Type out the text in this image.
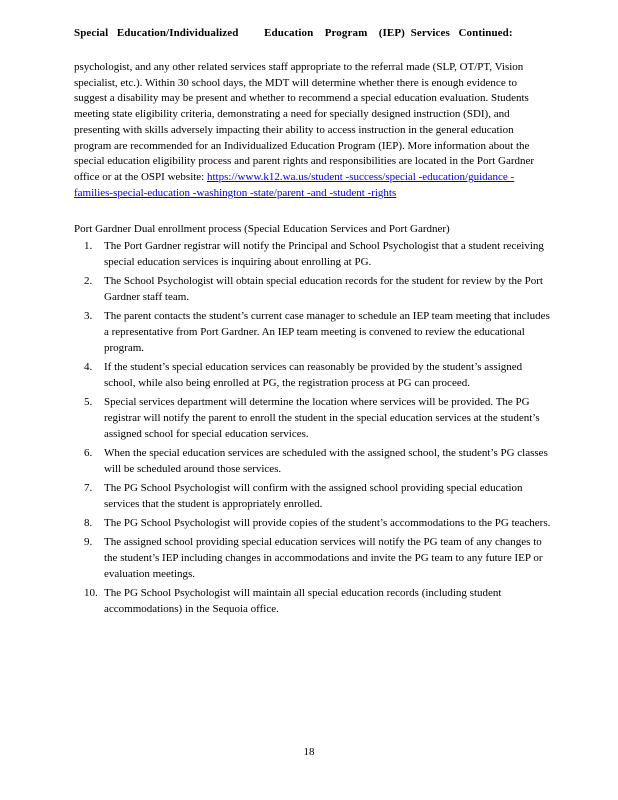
Special   Education/Individualized         Education    Program    (IEP)  Services   Continued:
psychologist, and any other related services staff appropriate to the referral made (SLP, OT/PT, Vision specialist, etc.). Within 30 school days, the MDT will determine whether there is enough evidence to suggest a disability may be present and whether to recommend a special education evaluation. Students meeting state eligibility criteria, demonstrating a need for specially designed instruction (SDI), and presenting with skills adversely impacting their ability to access instruction in the general education program are recommended for an Individualized Education Program (IEP). More information about the special education eligibility process and parent rights and responsibilities are located in the Port Gardner office or at the OSPI website: https://www.k12.wa.us/student -success/special -education/guidance -families-special-education -washington -state/parent -and -student -rights
Port Gardner Dual enrollment process (Special Education Services and Port Gardner)
1.	The Port Gardner registrar will notify the Principal and School Psychologist that a student receiving special education services is inquiring about enrolling at PG.
2.	The School Psychologist will obtain special education records for the student for review by the Port Gardner staff team.
3.	The parent contacts the student’s current case manager to schedule an IEP team meeting that includes a representative from Port Gardner. An IEP team meeting is convened to review the educational program.
4.	If the student’s special education services can reasonably be provided by the student’s assigned school, while also being enrolled at PG, the registration process at PG can proceed.
5.	Special services department will determine the location where services will be provided. The PG registrar will notify the parent to enroll the student in the special education services at the student’s assigned school for special education services.
6.	When the special education services are scheduled with the assigned school, the student’s PG classes will be scheduled around those services.
7.	The PG School Psychologist will confirm with the assigned school providing special education services that the student is appropriately enrolled.
8.	The PG School Psychologist will provide copies of the student’s accommodations to the PG teachers.
9.	The assigned school providing special education services will notify the PG team of any changes to the student’s IEP including changes in accommodations and invite the PG team to any future IEP or evaluation meetings.
10. The PG School Psychologist will maintain all special education records (including student accommodations) in the Sequoia office.
18
